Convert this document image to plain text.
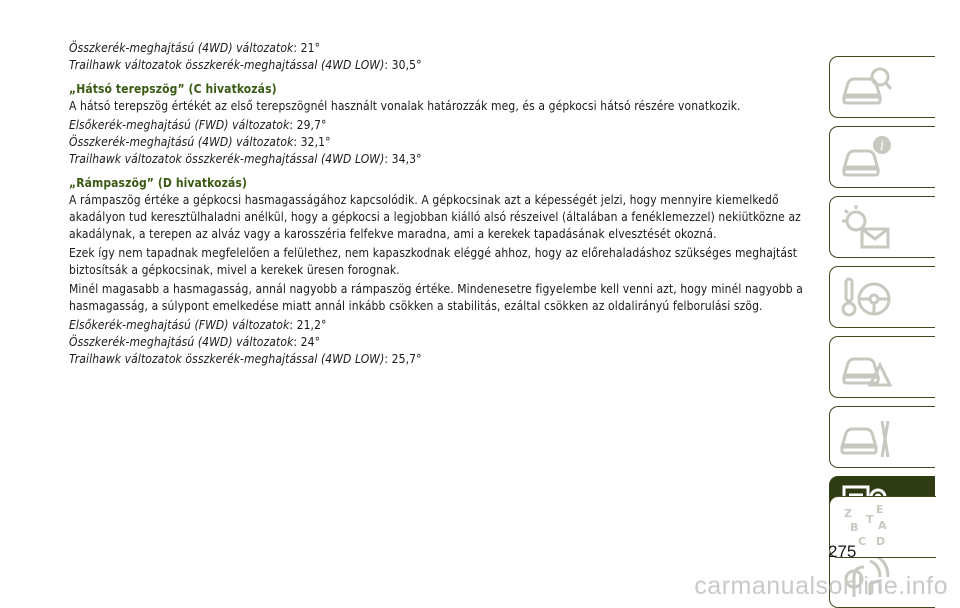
Összkerék-meghajtású (4WD) változatok: 21°

Trailhawk változatok összkerék-meghajtással (4WD LOW): 30,5°

„Hátsó terepszög” (C hivatkozás)

A hátsó terepszög értékét az első terepszögnél használt vonalak határozzák meg, és a gépkocsi hátsó részére vonatkozik.

Elsőkerék-meghajtású (FWD) változatok: 29,7°

Összkerék-meghajtású (4WD) változatok: 32,1°

Trailhawk változatok összkerék-meghajtással (4WD LOW): 34,3°

„Rámpaszög” (D hivatkozás)

A rámpaszög értéke a gépkocsi hasmagasságához kapcsolódik. A gépkocsinak azt a képességét jelzi, hogy mennyire kiemelkedő akadályon tud keresztülhaladni anélkül, hogy a gépkocsi a legjobban kiálló alsó részeivel (általában a fenéklemezzel) nekiütközne az akadálynak, a terepen az alváz vagy a karosszéria felfekve maradna, ami a kerekek tapadásának elvesztését okozná.

Ezek így nem tapadnak megfelelően a felülethez, nem kapaszkodnak eléggé ahhoz, hogy az előrehaladáshoz szükséges meghajtást biztosítsák a gépkocsinak, mivel a kerekek üresen forognak.

Minél magasabb a hasmagasság, annál nagyobb a rámpaszög értéke. Mindenesetre figyelembe kell venni azt, hogy minél nagyobb a hasmagasság, a súlypont emelkedése miatt annál inkább csökken a stabilitás, ezáltal csökken az oldalirányú felborulási szög.

Elsőkerék-meghajtású (FWD) változatok: 21,2°

Összkerék-meghajtású (4WD) változatok: 24°

Trailhawk változatok összkerék-meghajtással (4WD LOW): 25,7°

i
Z E
B A
C D
T
275
carmanualsonline.info
